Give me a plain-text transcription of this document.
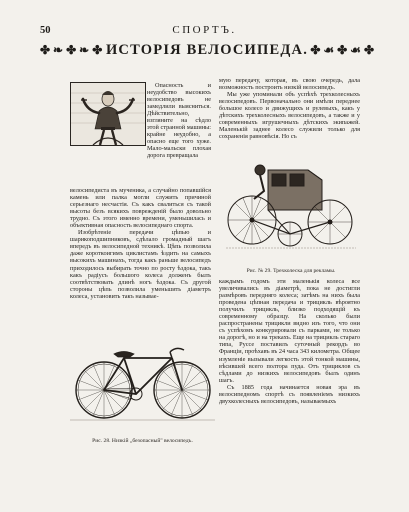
50	СПОРТЪ.
✤ ❧ ✤ ❧ ✤ ИСТОРІЯ ВЕЛОСИПЕДА. ✤ ☙ ✤ ☙ ✤

Опасность и неудобство высокихъ велосипедовъ не замедлили выясниться. Дѣйствительно, взгляните на сѣдло этой странной машины: крайне неудобно, а опасно еще того хуже. Мало-мальски плохая дорога превращала

велосипедиста въ мученика, а случайно попавшійся камень или палка могли служить причиной серьезнаго несчастія. Съ какъ свалиться съ такой высоты безъ всякихъ поврежденій было довольно трудно. Съ этого именно времени, уменьшилась и объективная опасность велосипеднаго спорта.

Изобрѣтеніе передачи цѣпью и шарикоподшипниковъ, сдѣлало громадный шагъ впередъ въ велосипедной техникѣ. Цѣпь позволила даже короткоигимъ циклистамъ ѣздить на самыхъ высокихъ машинахъ, тогда какъ раньше велосипедъ приходилось выбирать точно по росту ѣздока, такъ какъ радіусъ большого колеса долженъ былъ соотвѣтствовать длинѣ ногъ ѣздока. Съ другой стороны цѣпь позволила уменьшить діаметръ колеса, установить такъ называе-

мую передачу, которая, въ свою очередь, дала возможность построить низкій велосипедъ.

Мы уже упоминали объ успѣхѣ трехколесныхъ велосипедовъ. Первоначально они имѣли переднее большое колесо и движущихъ и рулевыхъ, какъ у дѣтскихъ трехколесныхъ велосипедовъ, а также и у современныхъ игрушечныхъ дѣтскихъ экипажей. Маленькій заднее колесо служили только для сохраненія равновѣсія. Но съ

Рис. № 29. Трехколеска для рекламы.

каждымъ годомъ эти маленькія колеса все увеличивались въ діаметрѣ, пока не достигли размѣровъ передняго колеса; затѣмъ на нихъ была проведена цѣпная передача и трицикль вѣроятно получилъ трицикль, близко подходящій къ современному образцу. На сколько были распространены трицикли видно изъ того, что они съ успѣхомъ конкурировали съ парками, не только на дорогѣ, но и на трекахъ. Еще на трицикль стараго типа, Руссе поставилъ суточный рекордъ во Франціи, проѣхавъ въ 24 часа 343 километра. Общее изумленіе вызывали легкость этой тонкой машины, вѣсившей всего полтора пуда. Отъ трициклов съ сѣдлами до низкихъ велосипедовъ былъ одинъ шагъ.

Съ 1885 года начинается новая эра въ велосипедномъ спортѣ съ появленіемъ низкихъ двухколесныхъ велосипедовъ, называемыхъ

Рис. 28. Низкій „безопасный" велосипедъ.
